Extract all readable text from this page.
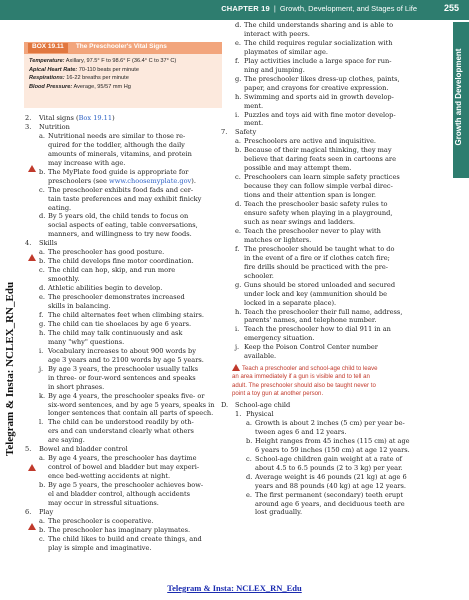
CHAPTER 19 | Growth, Development, and Stages of Life	255
Growth and Development
Telegram & Insta: NCLEX_RN_Edu
Telegram & Insta: NCLEX_RN_Edu
BOX 19.11	The Preschooler's Vital Signs
Temperature: Axillary, 97.5° F to 98.6° F (36.4° C to 37° C)
Apical Heart Rate: 70-110 beats per minute
Respirations: 16-22 breaths per minute
Blood Pressure: Average, 95/57 mm Hg
2. Vital signs (Box 19.11)
3. Nutrition
a. Nutritional needs are similar to those re-
quired for the toddler, although the daily
amounts of minerals, vitamins, and protein
may increase with age.
b. The MyPlate food guide is appropriate for
preschoolers (see www.choosemyplate.gov).
c. The preschooler exhibits food fads and cer-
tain taste preferences and may exhibit finicky
eating.
d. By 5 years old, the child tends to focus on
social aspects of eating, table conversations,
manners, and willingness to try new foods.
4. Skills
a. The preschooler has good posture.
b. The child develops fine motor coordination.
c. The child can hop, skip, and run more
smoothly.
d. Athletic abilities begin to develop.
e. The preschooler demonstrates increased
skills in balancing.
f. The child alternates feet when climbing stairs.
g. The child can tie shoelaces by age 6 years.
h. The child may talk continuously and ask
many "why" questions.
i. Vocabulary increases to about 900 words by
age 3 years and to 2100 words by age 5 years.
j. By age 3 years, the preschooler usually talks
in three- or four-word sentences and speaks
in short phrases.
k. By age 4 years, the preschooler speaks five- or
six-word sentences, and by age 5 years, speaks in
longer sentences that contain all parts of speech.
l. The child can be understood readily by oth-
ers and can understand clearly what others
are saying.
5. Bowel and bladder control
a. By age 4 years, the preschooler has daytime
control of bowel and bladder but may experi-
ence bed-wetting accidents at night.
b. By age 5 years, the preschooler achieves bow-
el and bladder control, although accidents
may occur in stressful situations.
6. Play
a. The preschooler is cooperative.
b. The preschooler has imaginary playmates.
c. The child likes to build and create things, and
play is simple and imaginative.
d. The child understands sharing and is able to
interact with peers.
e. The child requires regular socialization with
playmates of similar age.
f. Play activities include a large space for run-
ning and jumping.
g. The preschooler likes dress-up clothes, paints,
paper, and crayons for creative expression.
h. Swimming and sports aid in growth develop-
ment.
i. Puzzles and toys aid with fine motor develop-
ment.
7. Safety
a. Preschoolers are active and inquisitive.
b. Because of their magical thinking, they may
believe that daring feats seen in cartoons are
possible and may attempt them.
c. Preschoolers can learn simple safety practices
because they can follow simple verbal direc-
tions and their attention span is longer.
d. Teach the preschooler basic safety rules to
ensure safety when playing in a playground,
such as near swings and ladders.
e. Teach the preschooler never to play with
matches or lighters.
f. The preschooler should be taught what to do
in the event of a fire or if clothes catch fire;
fire drills should be practiced with the pre-
schooler.
g. Guns should be stored unloaded and secured
under lock and key (ammunition should be
locked in a separate place).
h. Teach the preschooler their full name, address,
parents' names, and telephone number.
i. Teach the preschooler how to dial 911 in an
emergency situation.
j. Keep the Poison Control Center number
available.
Teach a preschooler and school-age child to leave

an area immediately if a gun is visible and to tell an
adult. The preschooler should also be taught never to
point a toy gun at another person.
D. School-age child
1. Physical
a. Growth is about 2 inches (5 cm) per year be-
tween ages 6 and 12 years.
b. Height ranges from 45 inches (115 cm) at age
6 years to 59 inches (150 cm) at age 12 years.
c. School-age children gain weight at a rate of
about 4.5 to 6.5 pounds (2 to 3 kg) per year.
d. Average weight is 46 pounds (21 kg) at age 6
years and 88 pounds (40 kg) at age 12 years.
e. The first permanent (secondary) teeth erupt
around age 6 years, and deciduous teeth are
lost gradually.
